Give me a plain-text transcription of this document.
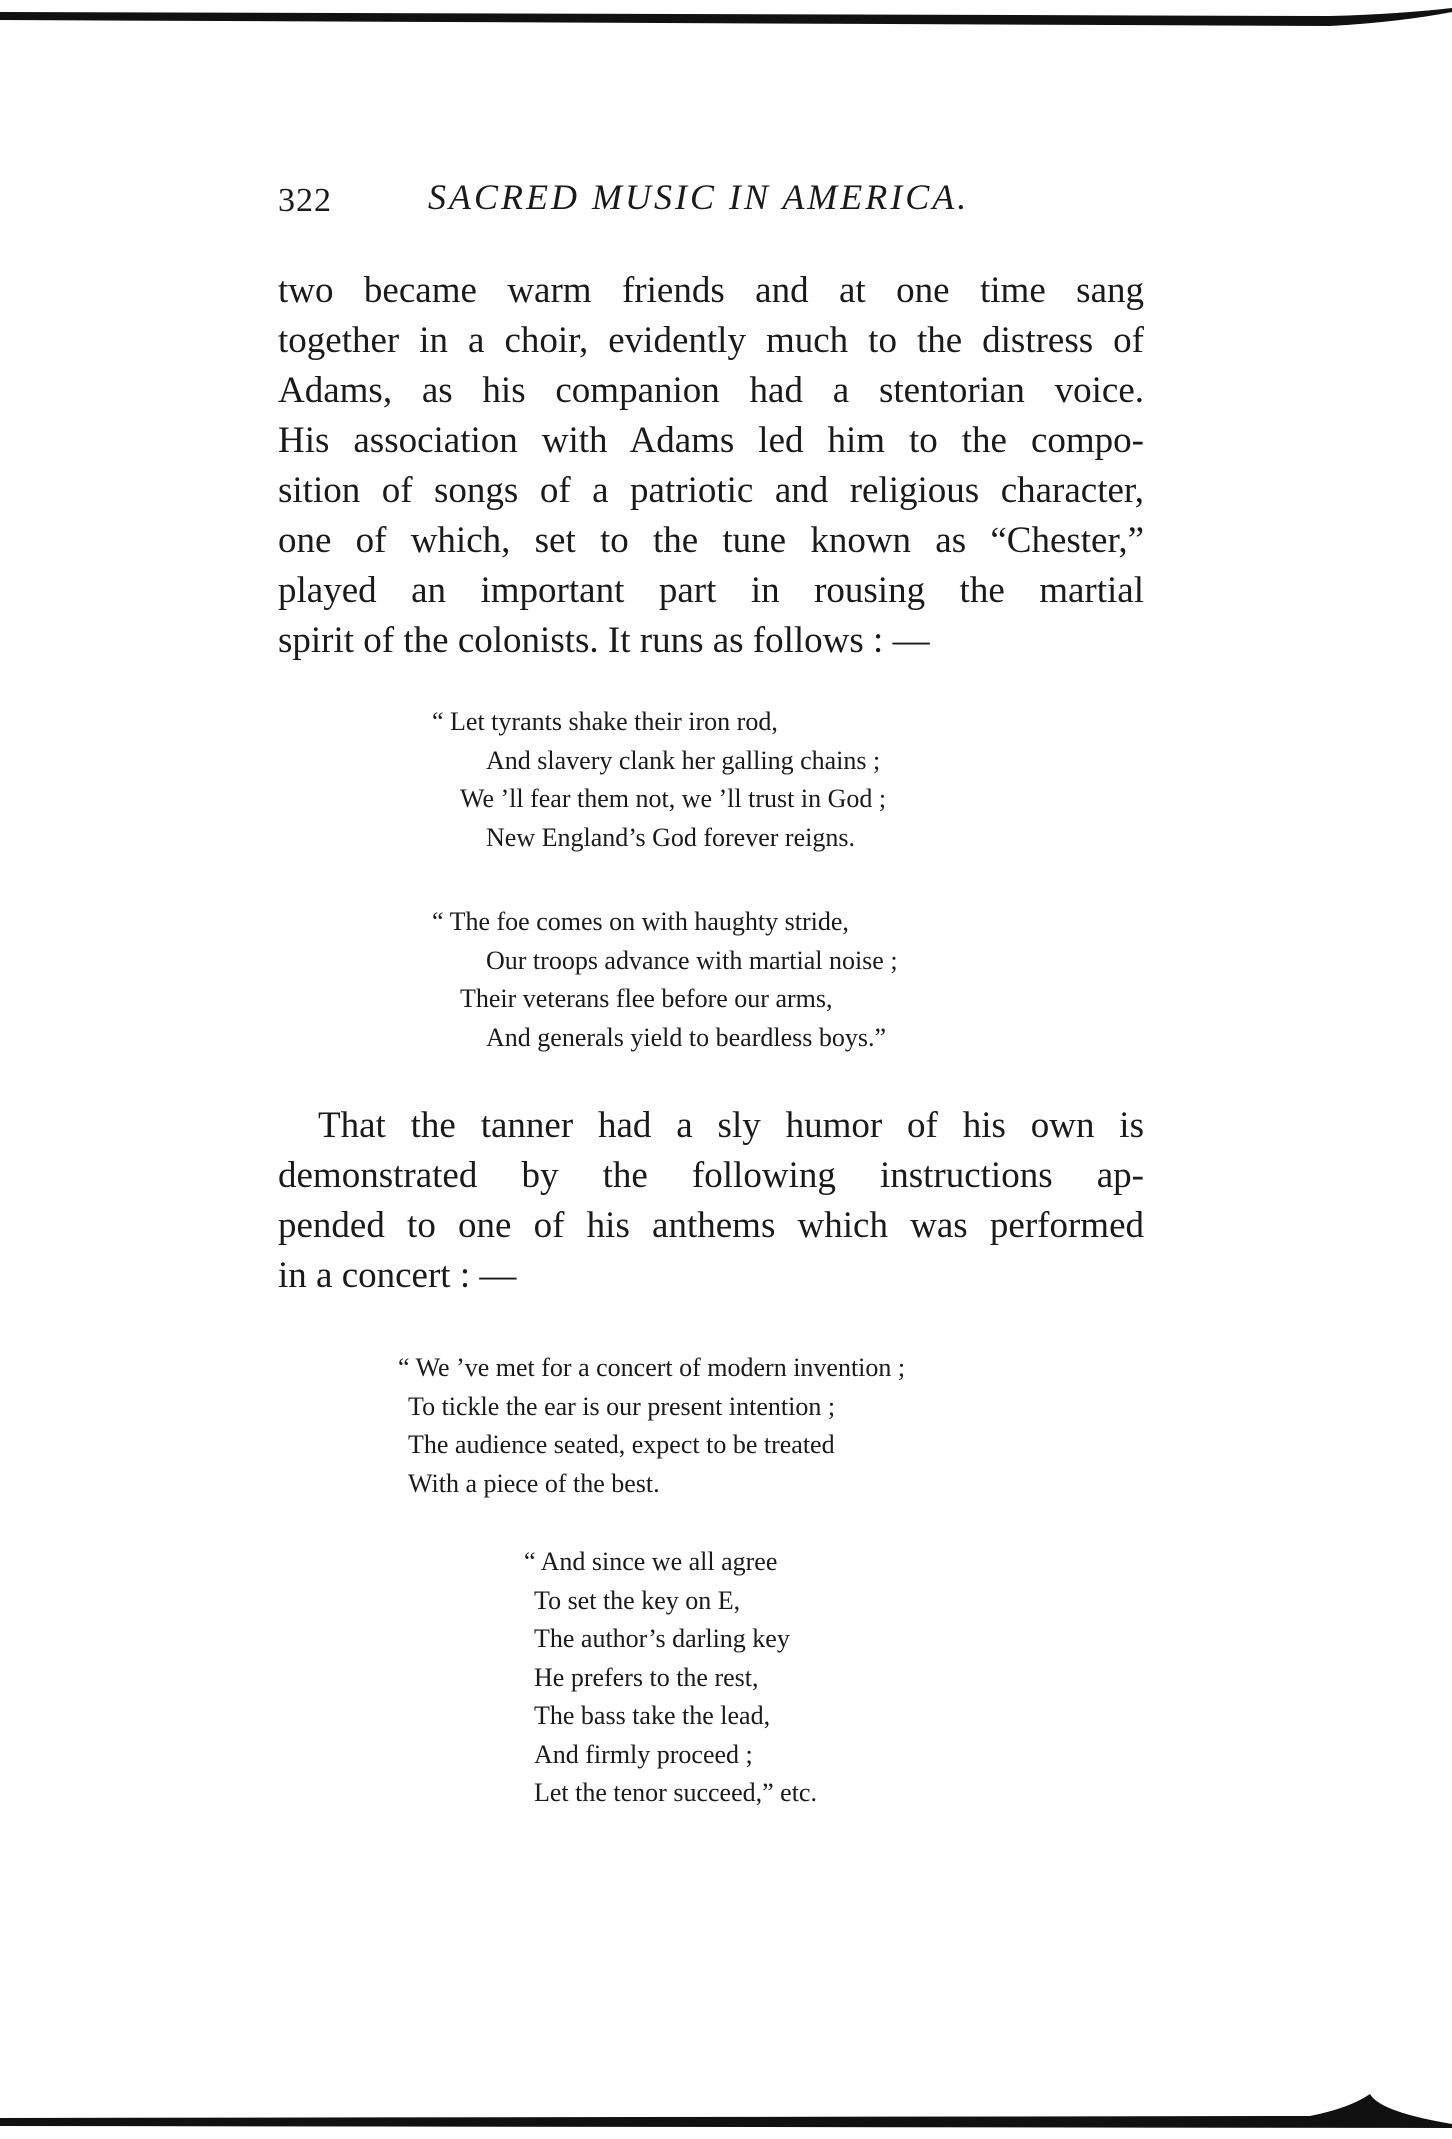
322	SACRED MUSIC IN AMERICA.
two became warm friends and at one time sang
together in a choir, evidently much to the distress of
Adams, as his companion had a stentorian voice.
His association with Adams led him to the compo-
sition of songs of a patriotic and religious character,
one of which, set to the tune known as “Chester,”
played an important part in rousing the martial
spirit of the colonists. It runs as follows : —
“ Let tyrants shake their iron rod,
And slavery clank her galling chains ;
We ’ll fear them not, we ’ll trust in God ;
New England’s God forever reigns.
“ The foe comes on with haughty stride,
Our troops advance with martial noise ;
Their veterans flee before our arms,
And generals yield to beardless boys.”
That the tanner had a sly humor of his own is
demonstrated by the following instructions ap-
pended to one of his anthems which was performed
in a concert : —
“ We ’ve met for a concert of modern invention ;
To tickle the ear is our present intention ;
The audience seated, expect to be treated
With a piece of the best.
“ And since we all agree
To set the key on E,
The author’s darling key
He prefers to the rest,
The bass take the lead,
And firmly proceed ;
Let the tenor succeed,” etc.
